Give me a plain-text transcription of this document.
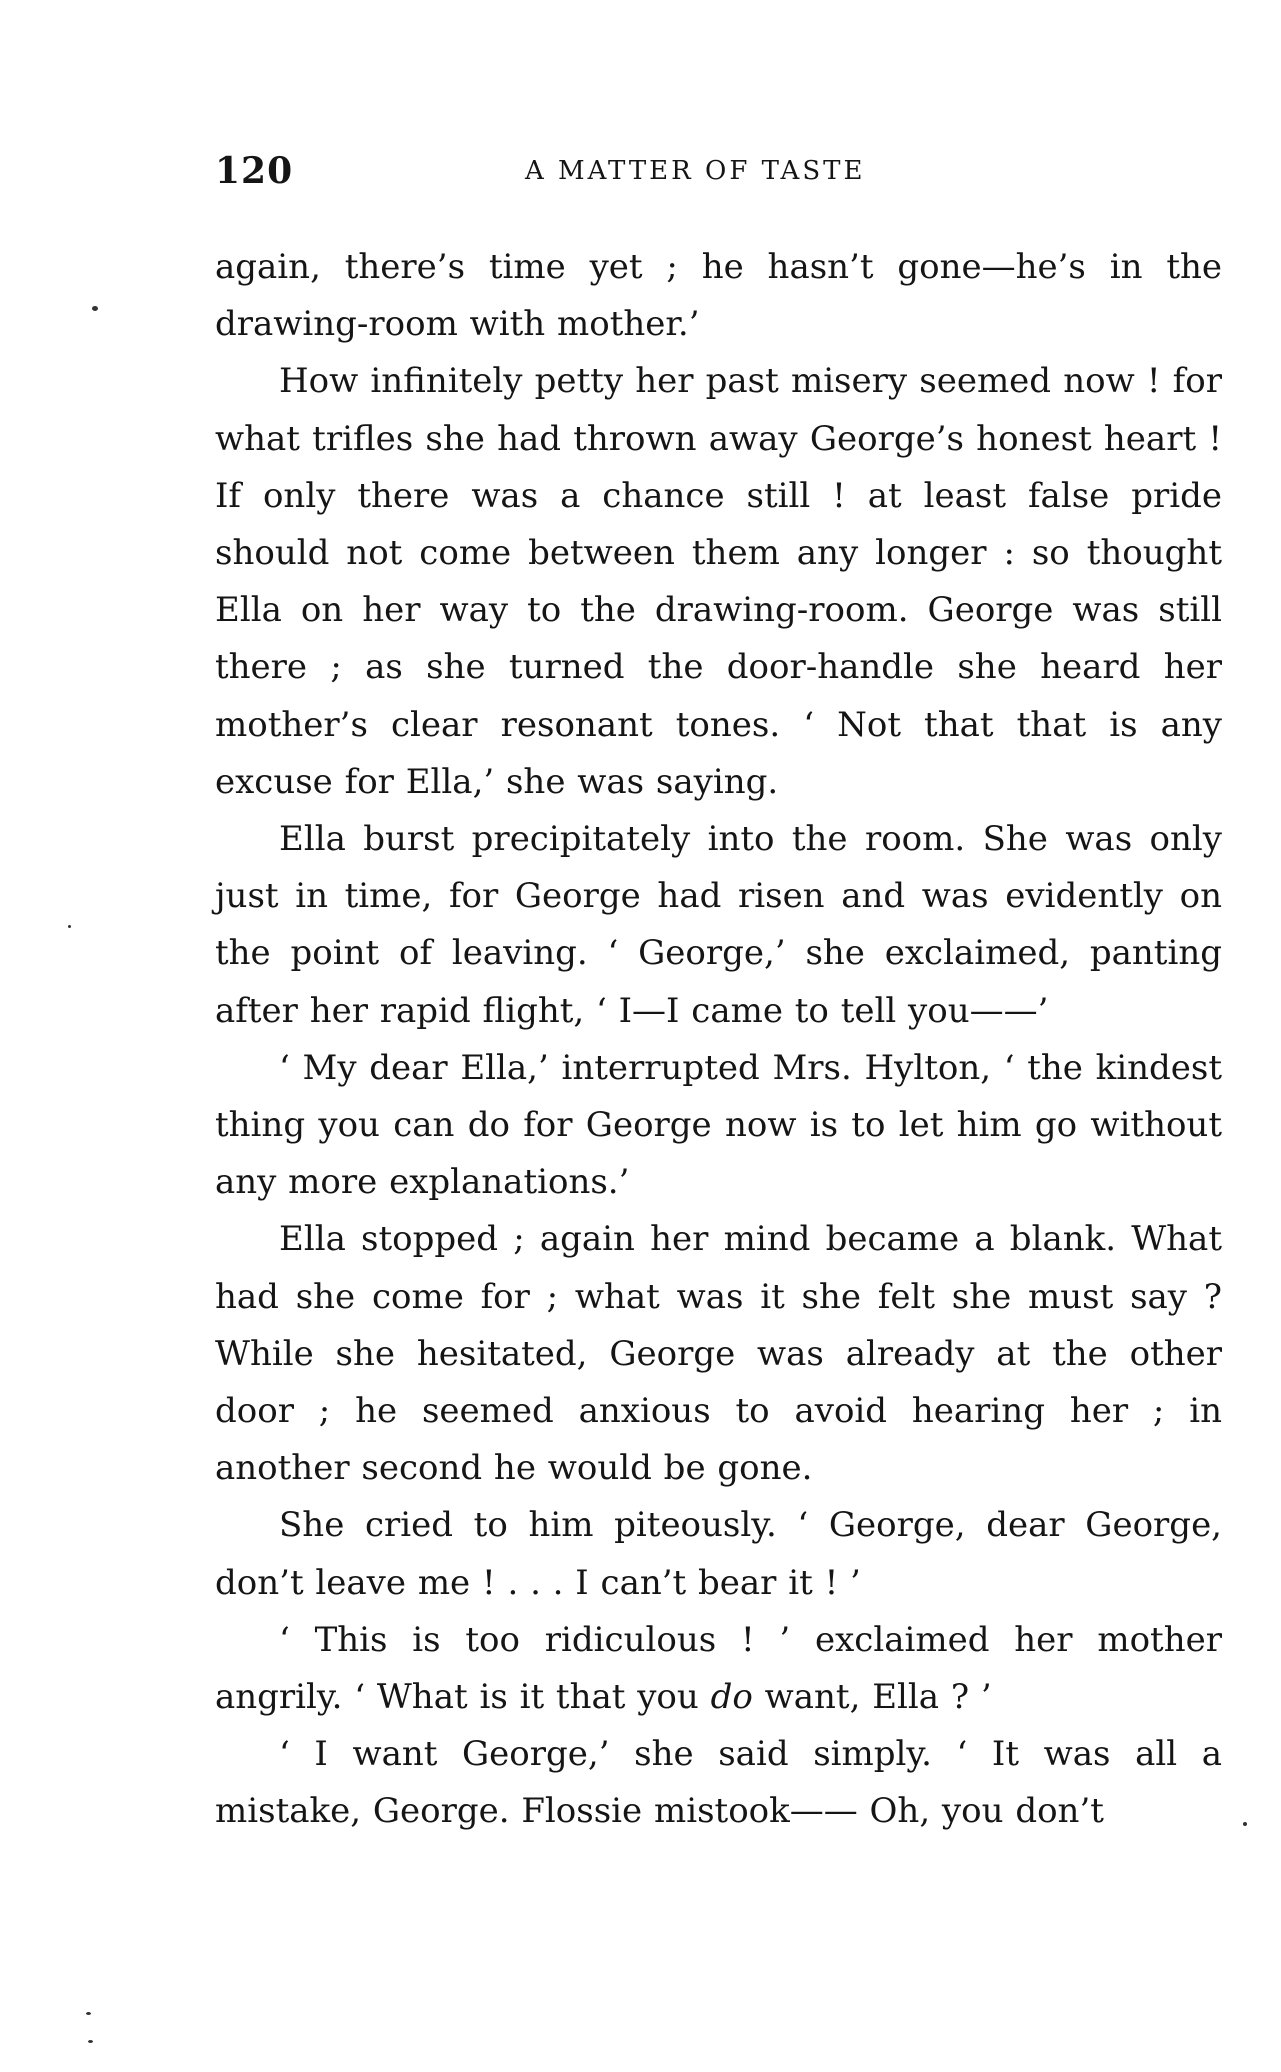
120	A MATTER OF TASTE

again, there’s time yet ; he hasn’t gone—he’s in the drawing-room with mother.’

How infinitely petty her past misery seemed now ! for what trifles she had thrown away George’s honest heart ! If only there was a chance still ! at least false pride should not come between them any longer : so thought Ella on her way to the drawing-room. George was still there ; as she turned the door-handle she heard her mother’s clear resonant tones. ‘ Not that that is any excuse for Ella,’ she was saying.

Ella burst precipitately into the room. She was only just in time, for George had risen and was evidently on the point of leaving. ‘ George,’ she exclaimed, panting after her rapid flight, ‘ I—I came to tell you——’

‘ My dear Ella,’ interrupted Mrs. Hylton, ‘ the kindest thing you can do for George now is to let him go without any more explanations.’

Ella stopped ; again her mind became a blank. What had she come for ; what was it she felt she must say ? While she hesitated, George was already at the other door ; he seemed anxious to avoid hearing her ; in another second he would be gone.

She cried to him piteously. ‘ George, dear George, don’t leave me ! . . . I can’t bear it ! ’

‘ This is too ridiculous ! ’ exclaimed her mother angrily. ‘ What is it that you do want, Ella ? ’

‘ I want George,’ she said simply. ‘ It was all a mistake, George. Flossie mistook—— Oh, you don’t
